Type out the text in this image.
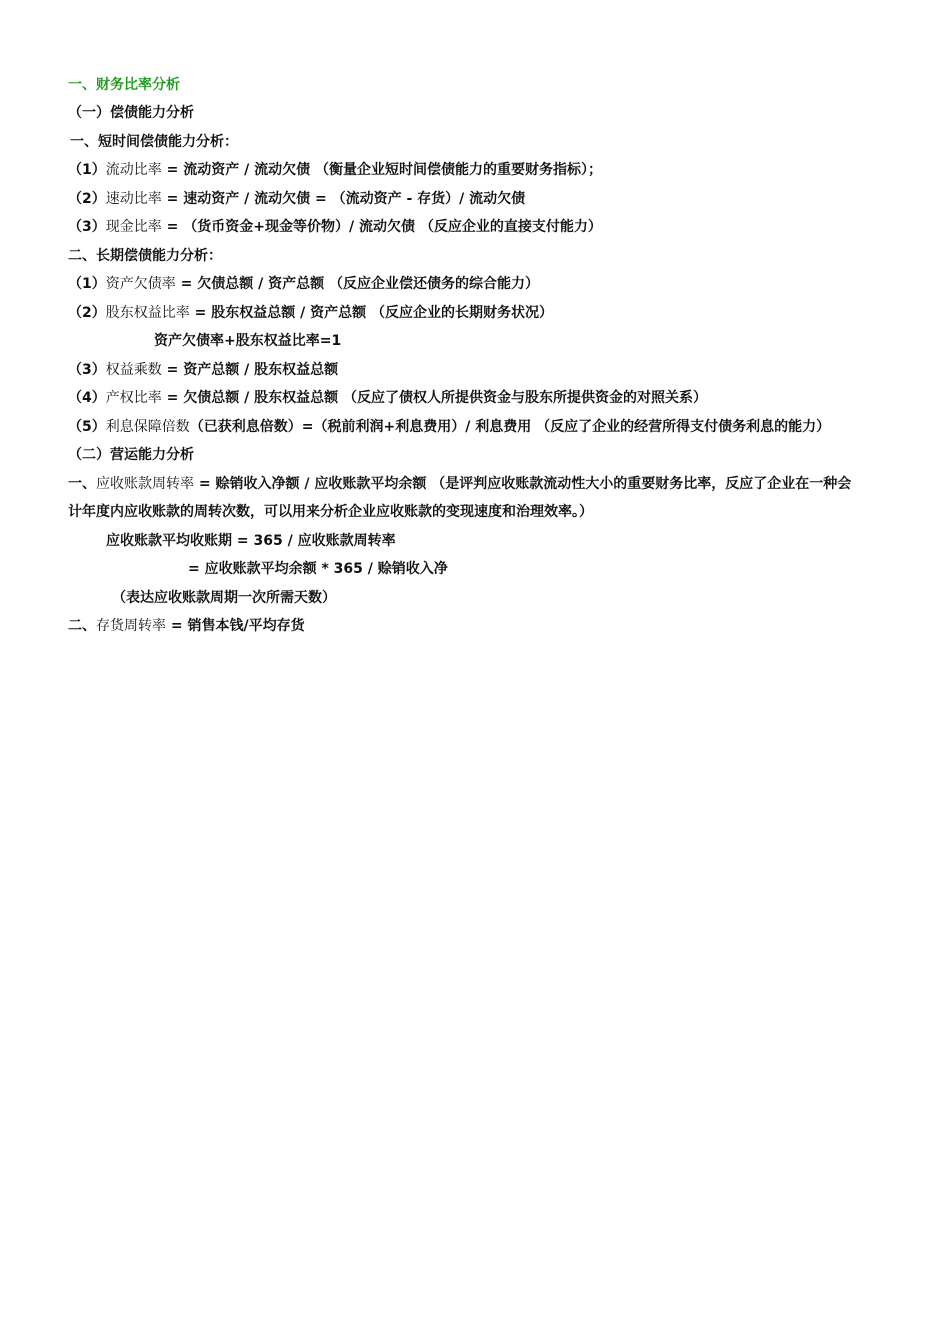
一、财务比率分析
（一）偿债能力分析
一、短时间偿债能力分析：
（1）流动比率 = 流动资产 / 流动欠债 （衡量企业短时间偿债能力的重要财务指标）；
（2）速动比率 = 速动资产 / 流动欠债 = （流动资产 - 存货）/ 流动欠债
（3）现金比率 = （货币资金+现金等价物）/ 流动欠债 （反应企业的直接支付能力）
二、长期偿债能力分析：
（1）资产欠债率 = 欠债总额 / 资产总额 （反应企业偿还债务的综合能力）
（2）股东权益比率 = 股东权益总额 / 资产总额 （反应企业的长期财务状况）
资产欠债率+股东权益比率=1
（3）权益乘数 = 资产总额 / 股东权益总额
（4）产权比率 = 欠债总额 / 股东权益总额 （反应了债权人所提供资金与股东所提供资金的对照关系）
（5）利息保障倍数（已获利息倍数）=（税前利润+利息费用）/ 利息费用 （反应了企业的经营所得支付债务利息的能力）
（二）营运能力分析
一、应收账款周转率 = 赊销收入净额 / 应收账款平均余额 （是评判应收账款流动性大小的重要财务比率，反应了企业在一种会
计年度内应收账款的周转次数，可以用来分析企业应收账款的变现速度和治理效率。）
应收账款平均收账期 = 365 / 应收账款周转率
= 应收账款平均余额 * 365 / 赊销收入净
（表达应收账款周期一次所需天数）
二、存货周转率 = 销售本钱/平均存货
